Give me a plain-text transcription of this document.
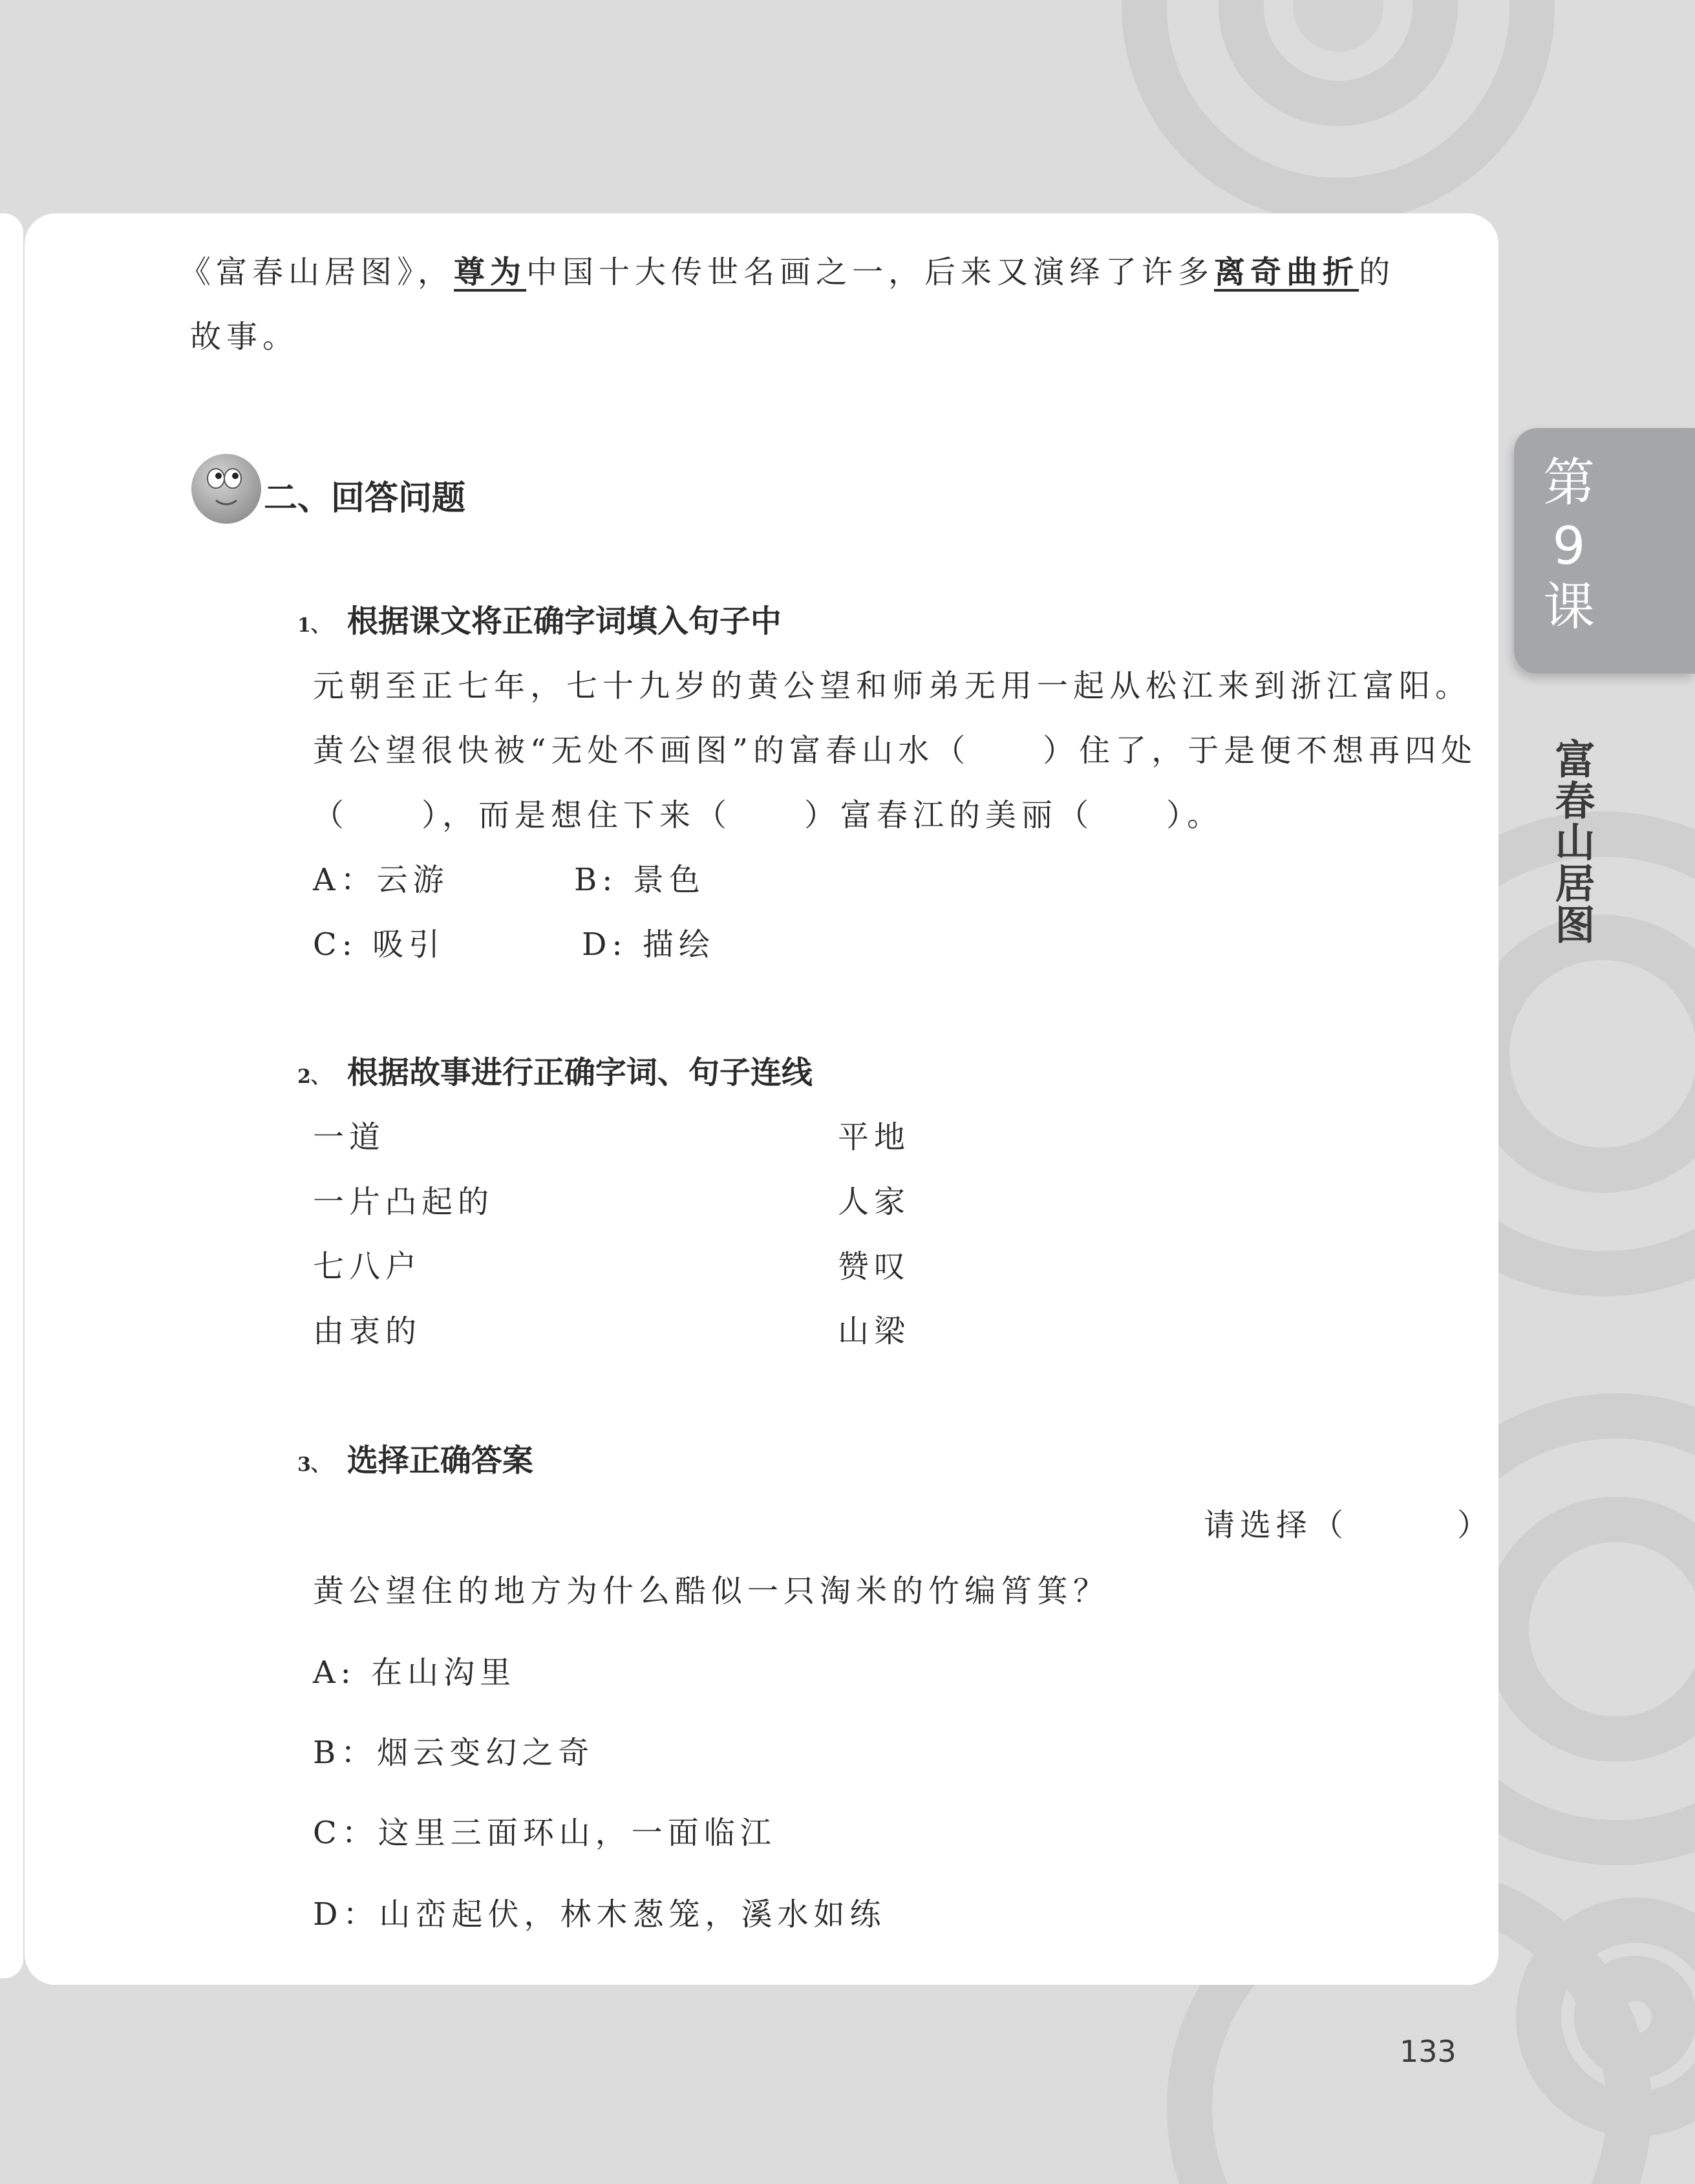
《富春山居图》，尊为中国十大传世名画之一，后来又演绎了许多离奇曲折的
故事。
二、回答问题
1、 根据课文将正确字词填入句子中
元朝至正七年，七十九岁的黄公望和师弟无用一起从松江来到浙江富阳。
黄公望很快被“无处不画图”的富春山水（　　）住了，于是便不想再四处
（　　），而是想住下来（　　）富春江的美丽（　　）。
A：云游	B: 景色
C: 吸引	D: 描绘
2、 根据故事进行正确字词、句子连线
一道
一片凸起的
七八户
由衷的
平地
人家
赞叹
山梁
3、 选择正确答案
请选择（　　　）
黄公望住的地方为什么酷似一只淘米的竹编筲箕？
A: 在山沟里
B：烟云变幻之奇
C：这里三面环山，一面临江
D：山峦起伏，林木葱笼，溪水如练
第
9
课
富春山居图
133
